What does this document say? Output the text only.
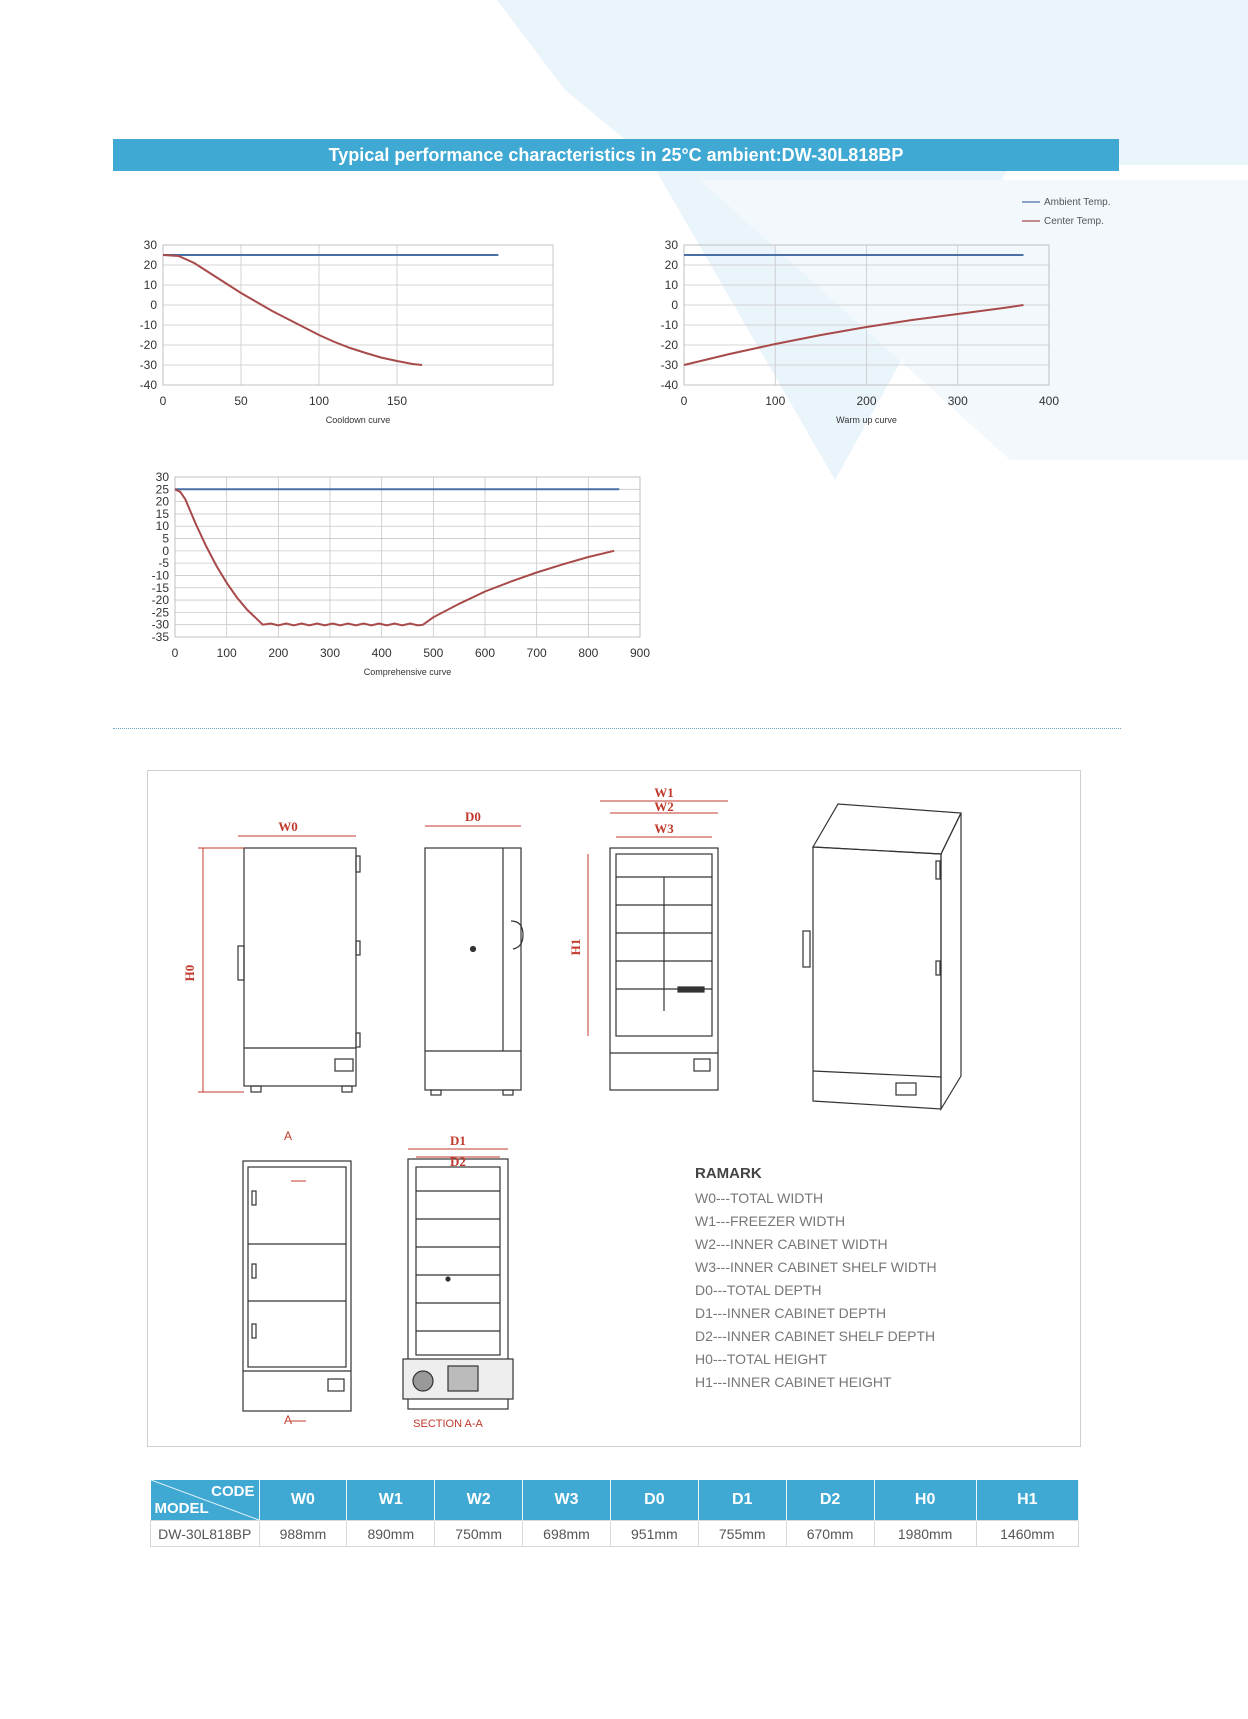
Typical performance characteristics in 25°C ambient:DW-30L818BP
Ambient Temp.
Center Temp.
30
20
10
0
-10
-20
-30
-40
0	50	100	150
Cooldown curve
30
20
10
0
-10
-20
-30
-40
0	100	200	300	400
Warm up curve
30
25
20
15
10
5
0
-5
-10
-15
-20
-25
-30
-35
0	100	200	300	400	500	600	700	800	900
Comprehensive curve
W0
D0
W1
W2
W3
H0
H1
D1
D2
A
A	SECTION A-A
RAMARK
W0---TOTAL WIDTH
W1---FREEZER WIDTH
W2---INNER CABINET WIDTH
W3---INNER CABINET SHELF WIDTH
D0---TOTAL DEPTH
D1---INNER CABINET DEPTH
D2---INNER CABINET SHELF DEPTH
H0---TOTAL HEIGHT
H1---INNER CABINET HEIGHT
CODE
MODEL	W0	W1	W2	W3	D0	D1	D2	H0	H1
DW-30L818BP	988mm	890mm	750mm	698mm	951mm	755mm	670mm	1980mm	1460mm
